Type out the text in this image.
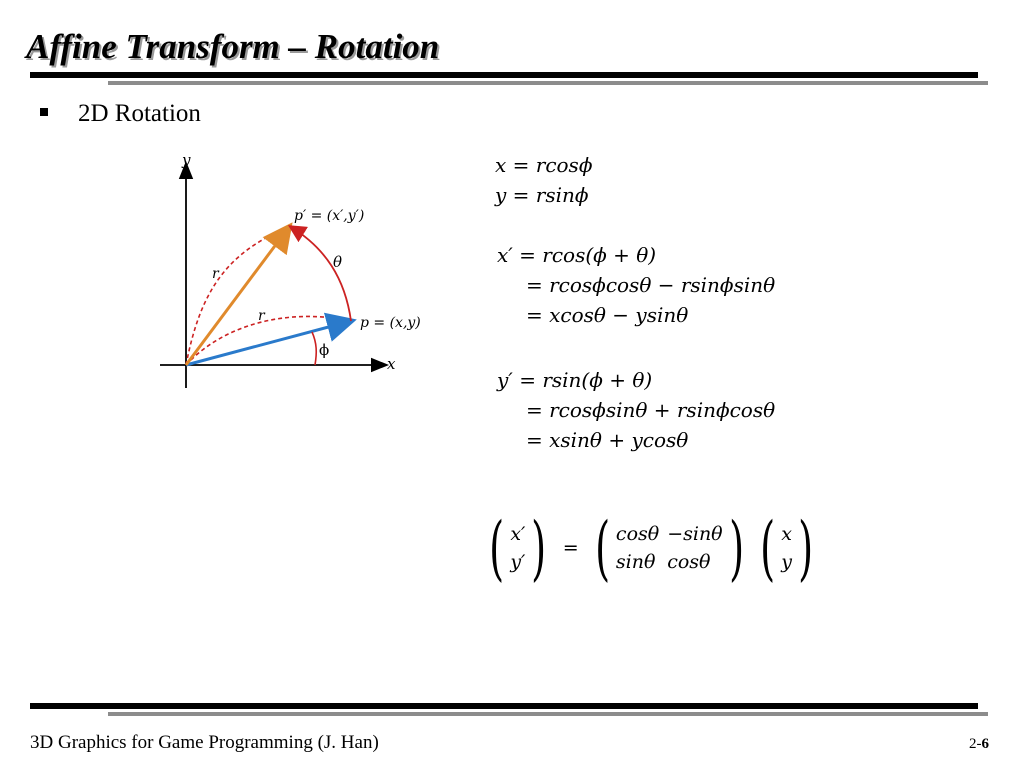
Affine Transform – Rotation
2D Rotation
y
x
p′ = (x′,y′)
p = (x,y)
θ
ϕ
r
r
x = rcosϕ
y = rsinϕ
x′ = rcos(ϕ + θ)
= rcosϕcosθ − rsinϕsinθ
= xcosθ − ysinθ
y′ = rsin(ϕ + θ)
= rcosϕsinθ + rsinϕcosθ
= xsinθ + ycosθ
( x′
y′ ) = ( cosθ −sinθ
sinθ cosθ ) ( x
y )
3D Graphics for Game Programming (J. Han)	2-6
